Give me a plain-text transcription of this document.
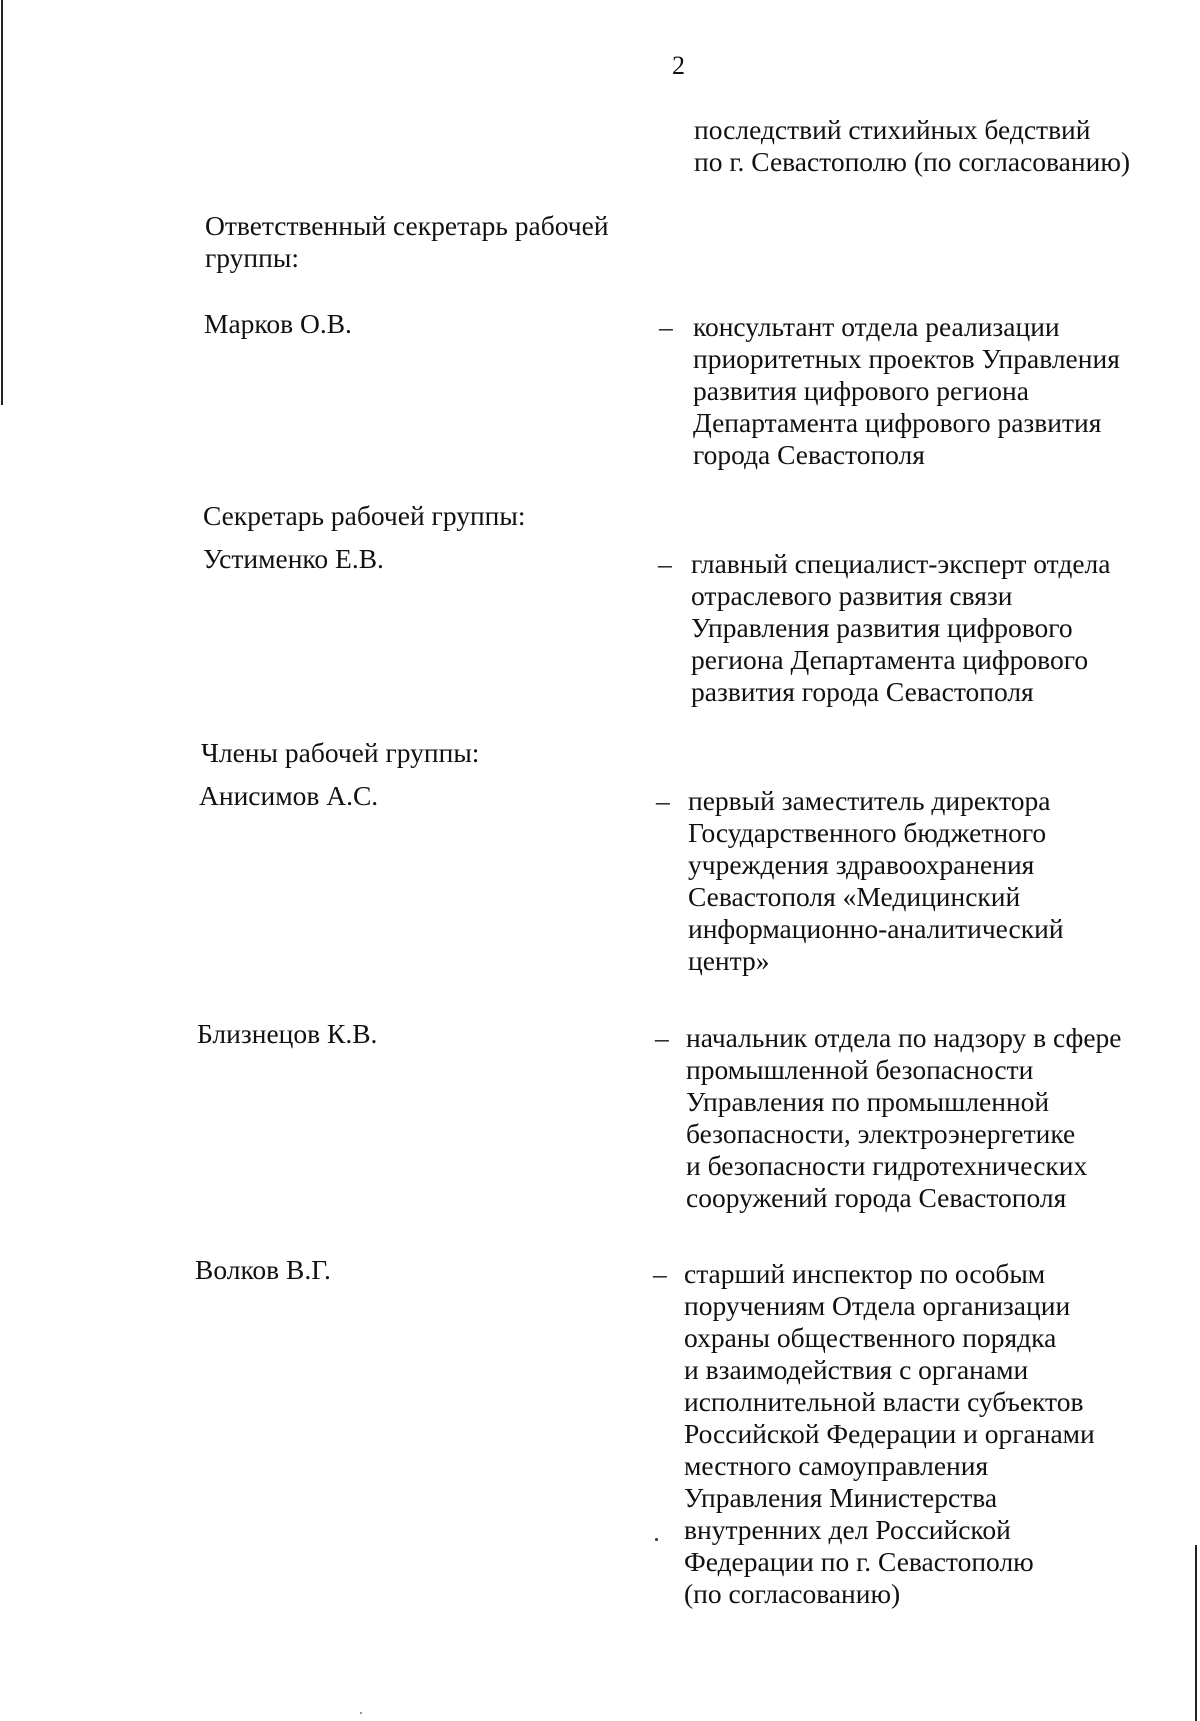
2
последствий стихийных бедствий
по г. Севастополю (по согласованию)
Ответственный секретарь рабочей
группы:
Марков О.В.	– консультант отдела реализации
приоритетных проектов Управления
развития цифрового региона
Департамента цифрового развития
города Севастополя
Секретарь рабочей группы:
Устименко Е.В.	– главный специалист-эксперт отдела
отраслевого развития связи
Управления развития цифрового
региона Департамента цифрового
развития города Севастополя
Члены рабочей группы:
Анисимов А.С.	– первый заместитель директора
Государственного бюджетного
учреждения здравоохранения
Севастополя «Медицинский
информационно-аналитический
центр»
Близнецов К.В.	– начальник отдела по надзору в сфере
промышленной безопасности
Управления по промышленной
безопасности, электроэнергетике
и безопасности гидротехнических
сооружений города Севастополя
Волков В.Г.	– старший инспектор по особым
поручениям Отдела организации
охраны общественного порядка
и взаимодействия с органами
исполнительной власти субъектов
Российской Федерации и органами
местного самоуправления
Управления Министерства
внутренних дел Российской
Федерации по г. Севастополю
(по согласованию)
